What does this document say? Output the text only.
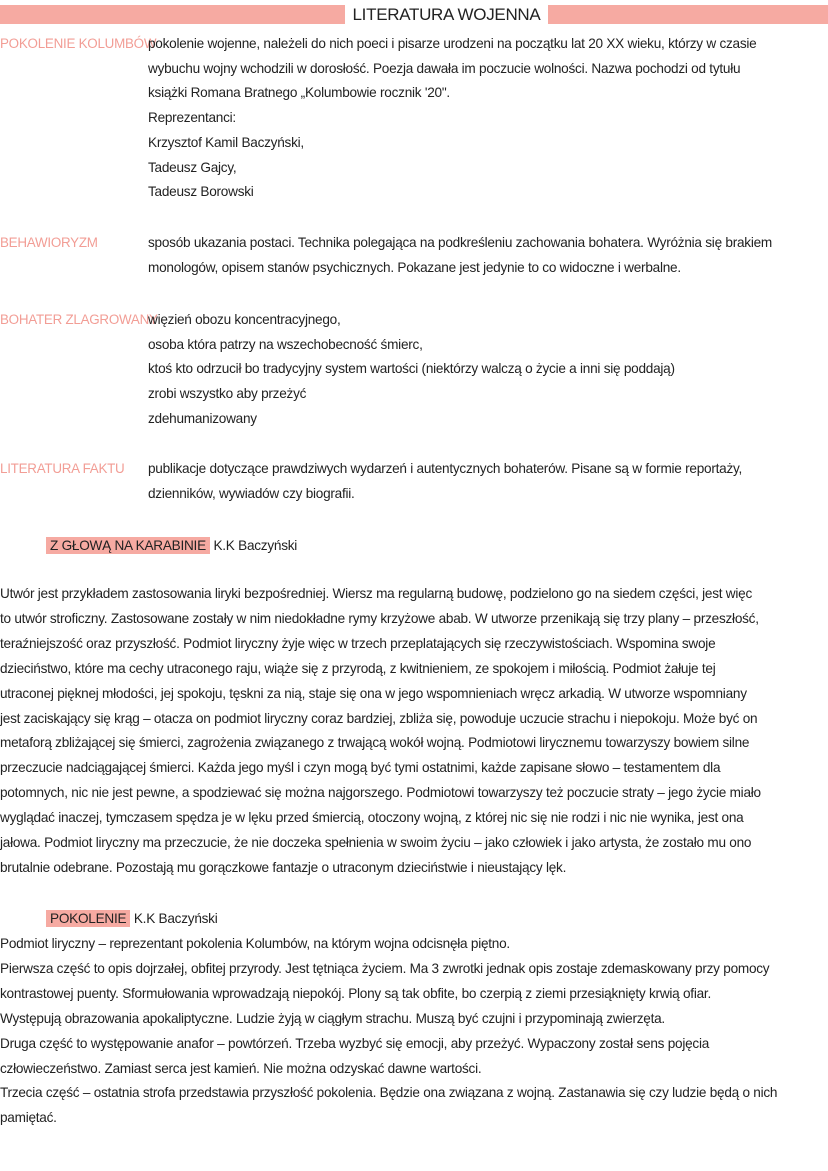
LITERATURA WOJENNA
POKOLENIE KOLUMBÓW
pokolenie wojenne, należeli do nich poeci i pisarze urodzeni na początku lat 20 XX wieku, którzy w czasie
wybuchu wojny wchodzili w dorosłość. Poezja dawała im poczucie wolności. Nazwa pochodzi od tytułu
książki Romana Bratnego „Kolumbowie rocznik '20".
Reprezentanci:
Krzysztof Kamil Baczyński,
Tadeusz Gajcy,
Tadeusz Borowski
BEHAWIORYZM	sposób ukazania postaci. Technika polegająca na podkreśleniu zachowania bohatera. Wyróżnia się brakiem
monologów, opisem stanów psychicznych. Pokazane jest jedynie to co widoczne i werbalne.
BOHATER ZLAGROWANY
więzień obozu koncentracyjnego,
osoba która patrzy na wszechobecność śmierc,
ktoś kto odrzucił bo tradycyjny system wartości (niektórzy walczą o życie a inni się poddają)
zrobi wszystko aby przeżyć
zdehumanizowany
LITERATURA FAKTU publikacje dotyczące prawdziwych wydarzeń i autentycznych bohaterów. Pisane są w formie reportaży,
dzienników, wywiadów czy biografii.
Z GŁOWĄ NA KARABINIE K.K Baczyński
Utwór jest przykładem zastosowania liryki bezpośredniej. Wiersz ma regularną budowę, podzielono go na siedem części, jest więc
to utwór stroficzny. Zastosowane zostały w nim niedokładne rymy krzyżowe abab. W utworze przenikają się trzy plany – przeszłość,
teraźniejszość oraz przyszłość. Podmiot liryczny żyje więc w trzech przeplatających się rzeczywistościach. Wspomina swoje
dzieciństwo, które ma cechy utraconego raju, wiąże się z przyrodą, z kwitnieniem, ze spokojem i miłością. Podmiot żałuje tej
utraconej pięknej młodości, jej spokoju, tęskni za nią, staje się ona w jego wspomnieniach wręcz arkadią. W utworze wspomniany
jest zaciskający się krąg – otacza on podmiot liryczny coraz bardziej, zbliża się, powoduje uczucie strachu i niepokoju. Może być on
metaforą zbliżającej się śmierci, zagrożenia związanego z trwającą wokół wojną. Podmiotowi lirycznemu towarzyszy bowiem silne
przeczucie nadciągającej śmierci. Każda jego myśl i czyn mogą być tymi ostatnimi, każde zapisane słowo – testamentem dla
potomnych, nic nie jest pewne, a spodziewać się można najgorszego. Podmiotowi towarzyszy też poczucie straty – jego życie miało
wyglądać inaczej, tymczasem spędza je w lęku przed śmiercią, otoczony wojną, z której nic się nie rodzi i nic nie wynika, jest ona
jałowa. Podmiot liryczny ma przeczucie, że nie doczeka spełnienia w swoim życiu – jako człowiek i jako artysta, że zostało mu ono
brutalnie odebrane. Pozostają mu gorączkowe fantazje o utraconym dzieciństwie i nieustający lęk.
POKOLENIE K.K Baczyński
Podmiot liryczny – reprezentant pokolenia Kolumbów, na którym wojna odcisnęła piętno.
Pierwsza część to opis dojrzałej, obfitej przyrody. Jest tętniąca życiem. Ma 3 zwrotki jednak opis zostaje zdemaskowany przy pomocy
kontrastowej puenty. Sformułowania wprowadzają niepokój. Plony są tak obfite, bo czerpią z ziemi przesiąknięty krwią ofiar.
Występują obrazowania apokaliptyczne. Ludzie żyją w ciągłym strachu. Muszą być czujni i przypominają zwierzęta.
Druga część to występowanie anafor – powtórzeń. Trzeba wyzbyć się emocji, aby przeżyć. Wypaczony został sens pojęcia
człowieczeństwo. Zamiast serca jest kamień. Nie można odzyskać dawne wartości.
Trzecia część – ostatnia strofa przedstawia przyszłość pokolenia. Będzie ona związana z wojną. Zastanawia się czy ludzie będą o nich
pamiętać.
